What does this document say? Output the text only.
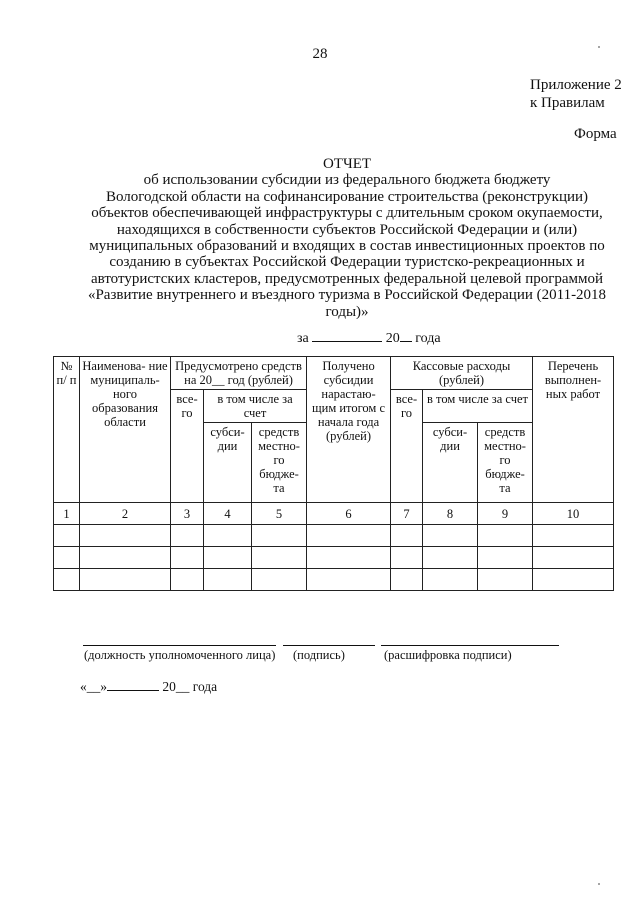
28
Приложение 2
к Правилам
Форма
ОТЧЕТ
об использовании субсидии из федерального бюджета бюджету
Вологодской области на софинансирование строительства (реконструкции)
объектов обеспечивающей инфраструктуры с длительным сроком окупаемости,
находящихся в собственности субъектов Российской Федерации и (или)
муниципальных образований и входящих в состав инвестиционных проектов по
созданию в субъектах Российской Федерации туристско-рекреационных и
автотуристских кластеров, предусмотренных федеральной целевой программой
«Развитие внутреннего и въездного туризма в Российской Федерации (2011-2018
годы)»
за	20 года
№ п/ п	Наименова- ние муниципаль- ного образования области	Предусмотрено средств на 20__ год (рублей)			Получено субсидии нарастаю- щим итогом с начала года (рублей)	Кассовые расходы (рублей)			Перечень выполнен- ных работ
		все- го	в том числе за счет			все- го	в том числе за счет		
			субси- дии	средств местно- го бюдже- та			субси- дии	средств местно- го бюдже- та	
1	2	3	4	5	6	7	8	9	10

(должность уполномоченного лица) (подпись)	(расшифровка подписи)
«__»	20__ года
